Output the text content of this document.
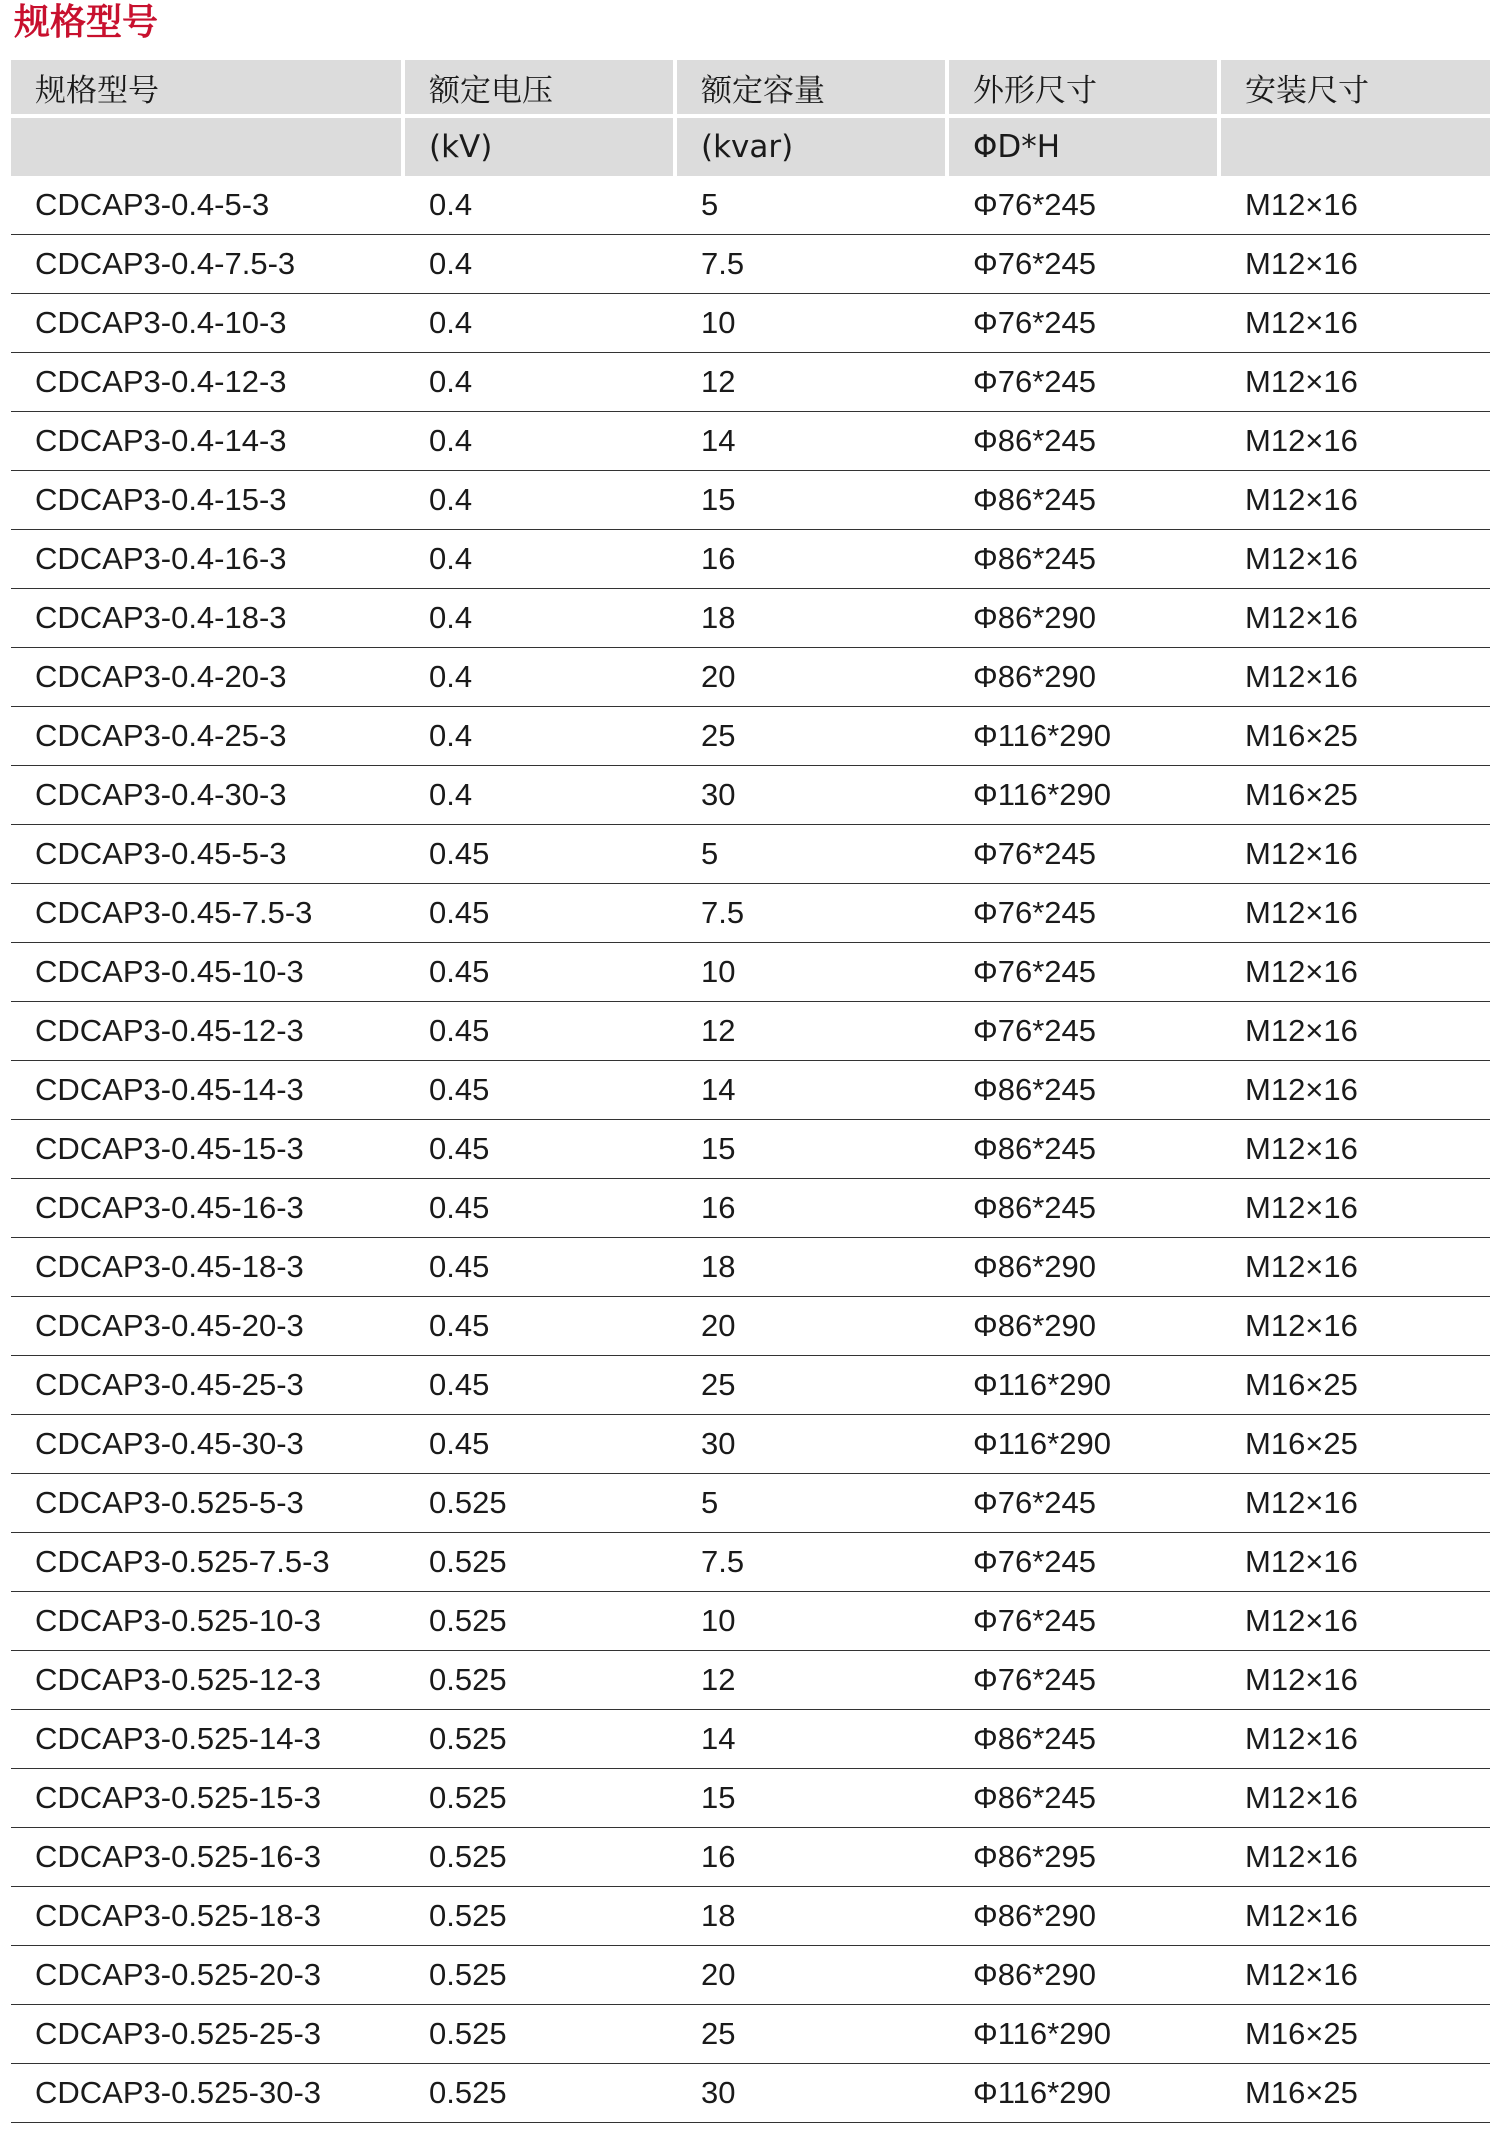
规格型号
规格型号	额定电压	额定容量	外形尺寸	安装尺寸
	(kV)	(kvar)	ΦD*H	
CDCAP3-0.4-5-3	0.4	5	Φ76*245	M12×16
CDCAP3-0.4-7.5-3	0.4	7.5	Φ76*245	M12×16
CDCAP3-0.4-10-3	0.4	10	Φ76*245	M12×16
CDCAP3-0.4-12-3	0.4	12	Φ76*245	M12×16
CDCAP3-0.4-14-3	0.4	14	Φ86*245	M12×16
CDCAP3-0.4-15-3	0.4	15	Φ86*245	M12×16
CDCAP3-0.4-16-3	0.4	16	Φ86*245	M12×16
CDCAP3-0.4-18-3	0.4	18	Φ86*290	M12×16
CDCAP3-0.4-20-3	0.4	20	Φ86*290	M12×16
CDCAP3-0.4-25-3	0.4	25	Φ116*290	M16×25
CDCAP3-0.4-30-3	0.4	30	Φ116*290	M16×25
CDCAP3-0.45-5-3	0.45	5	Φ76*245	M12×16
CDCAP3-0.45-7.5-3	0.45	7.5	Φ76*245	M12×16
CDCAP3-0.45-10-3	0.45	10	Φ76*245	M12×16
CDCAP3-0.45-12-3	0.45	12	Φ76*245	M12×16
CDCAP3-0.45-14-3	0.45	14	Φ86*245	M12×16
CDCAP3-0.45-15-3	0.45	15	Φ86*245	M12×16
CDCAP3-0.45-16-3	0.45	16	Φ86*245	M12×16
CDCAP3-0.45-18-3	0.45	18	Φ86*290	M12×16
CDCAP3-0.45-20-3	0.45	20	Φ86*290	M12×16
CDCAP3-0.45-25-3	0.45	25	Φ116*290	M16×25
CDCAP3-0.45-30-3	0.45	30	Φ116*290	M16×25
CDCAP3-0.525-5-3	0.525	5	Φ76*245	M12×16
CDCAP3-0.525-7.5-3	0.525	7.5	Φ76*245	M12×16
CDCAP3-0.525-10-3	0.525	10	Φ76*245	M12×16
CDCAP3-0.525-12-3	0.525	12	Φ76*245	M12×16
CDCAP3-0.525-14-3	0.525	14	Φ86*245	M12×16
CDCAP3-0.525-15-3	0.525	15	Φ86*245	M12×16
CDCAP3-0.525-16-3	0.525	16	Φ86*295	M12×16
CDCAP3-0.525-18-3	0.525	18	Φ86*290	M12×16
CDCAP3-0.525-20-3	0.525	20	Φ86*290	M12×16
CDCAP3-0.525-25-3	0.525	25	Φ116*290	M16×25
CDCAP3-0.525-30-3	0.525	30	Φ116*290	M16×25
